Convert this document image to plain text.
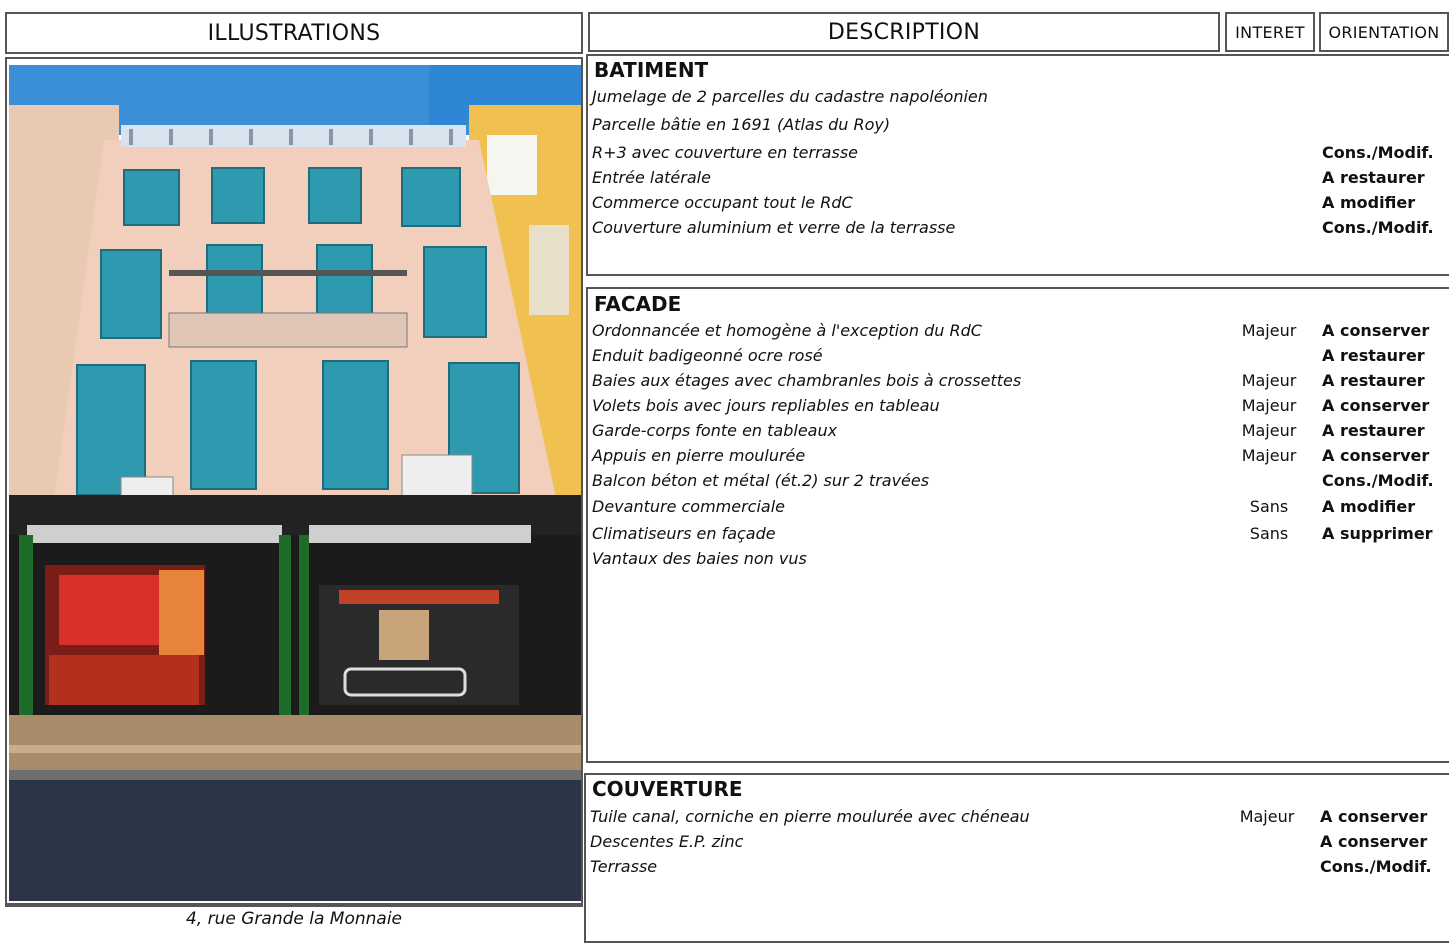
ILLUSTRATIONS	DESCRIPTION	INTERET ORIENTATION
4, rue Grande la Monnaie
BATIMENT
Jumelage de 2 parcelles du cadastre napoléonien
Parcelle bâtie en 1691 (Atlas du Roy)
R+3 avec couverture en terrasse	Cons./Modif.
Entrée latérale	A restaurer
Commerce occupant tout le RdC	A modifier
Couverture aluminium et verre de la terrasse	Cons./Modif.
FACADE
Ordonnancée et homogène à l'exception du RdC	Majeur	A conserver
Enduit badigeonné ocre rosé	A restaurer
Baies aux étages avec chambranles bois à crossettes	Majeur	A restaurer
Volets bois avec jours repliables en tableau	Majeur	A conserver
Garde-corps fonte en tableaux	Majeur	A restaurer
Appuis en pierre moulurée	Majeur	A conserver
Balcon béton et métal (ét.2) sur 2 travées	Cons./Modif.
Devanture commerciale	Sans	A modifier
Climatiseurs en façade	Sans	A supprimer
Vantaux des baies non vus
COUVERTURE
Tuile canal, corniche en pierre moulurée avec chéneau	Majeur	A conserver
Descentes E.P. zinc	A conserver
Terrasse	Cons./Modif.
